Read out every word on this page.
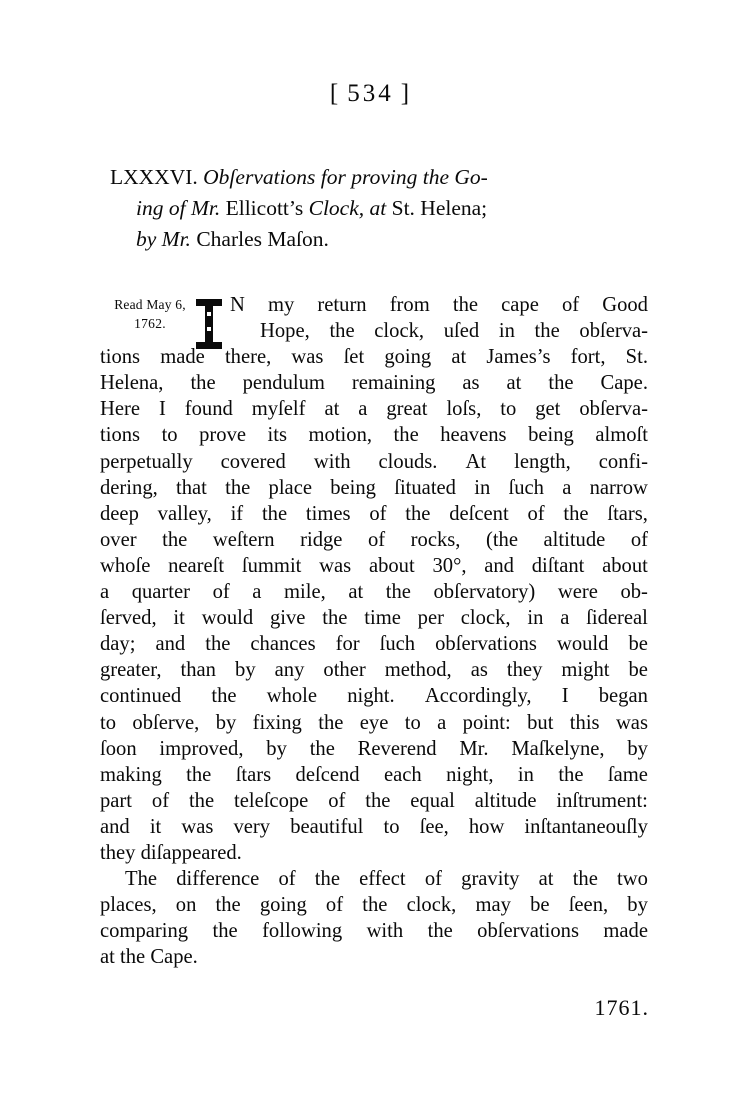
[ 534 ]
LXXXVI. Obſervations for proving the Go-
ing of Mr. Ellicott’s Clock, at St. Helena;
by Mr. Charles Maſon.
Read May 6,
1762.
N my return from the cape of Good
Hope, the clock, uſed in the obſerva-
tions made there, was ſet going at James’s fort, St.
Helena, the pendulum remaining as at the Cape.
Here I found myſelf at a great loſs, to get obſerva-
tions to prove its motion, the heavens being almoſt
perpetually covered with clouds. At length, confi-
dering, that the place being ſituated in ſuch a narrow
deep valley, if the times of the deſcent of the ſtars,
over the weſtern ridge of rocks, (the altitude of
whoſe neareſt ſummit was about 30°, and diſtant about
a quarter of a mile, at the obſervatory) were ob-
ſerved, it would give the time per clock, in a ſidereal
day; and the chances for ſuch obſervations would be
greater, than by any other method, as they might be
continued the whole night. Accordingly, I began
to obſerve, by fixing the eye to a point: but this was
ſoon improved, by the Reverend Mr. Maſkelyne, by
making the ſtars deſcend each night, in the ſame
part of the teleſcope of the equal altitude inſtrument:
and it was very beautiful to ſee, how inſtantaneouſly
they diſappeared.
The difference of the effect of gravity at the two
places, on the going of the clock, may be ſeen, by
comparing the following with the obſervations made
at the Cape.
1761.
